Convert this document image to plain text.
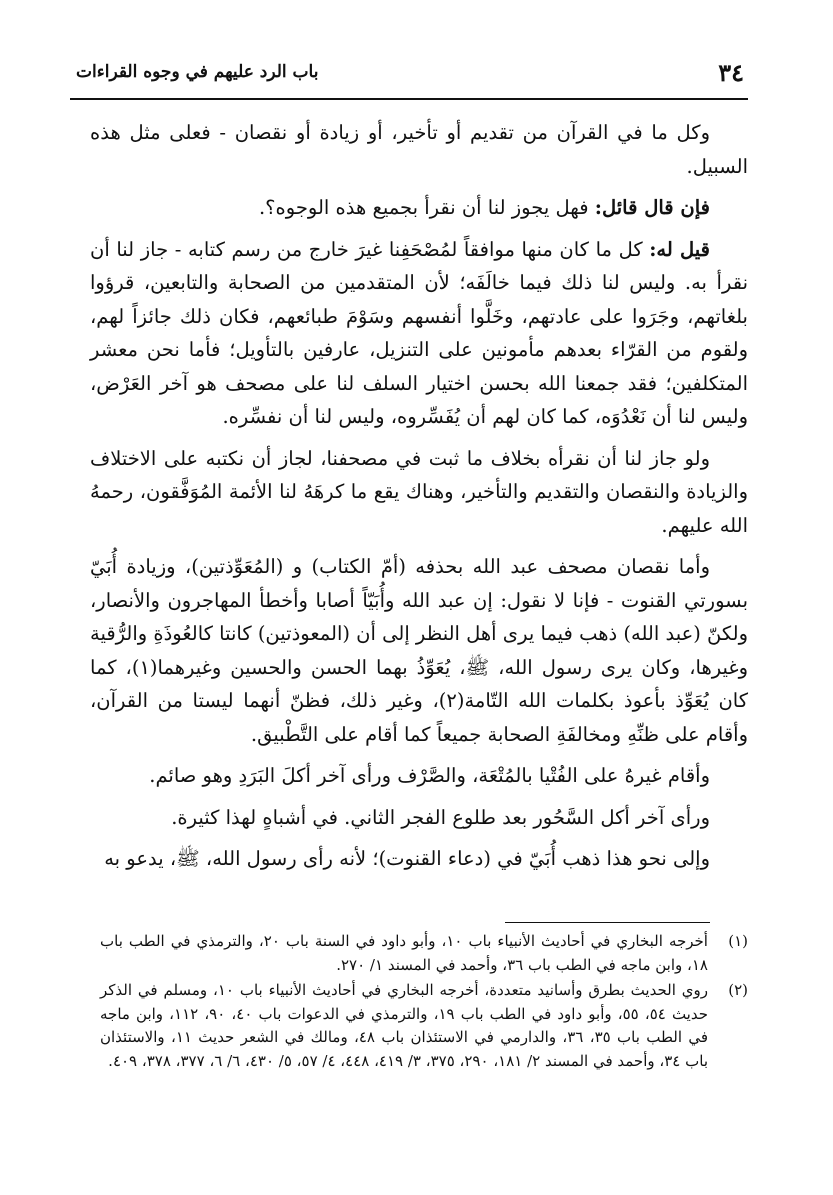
٣٤
باب الرد عليهم في وجوه القراءات

وكل ما في القرآن من تقديم أو تأخير، أو زيادة أو نقصان - فعلى مثل هذه السبيل.

فإن قال قائل: فهل يجوز لنا أن نقرأ بجميع هذه الوجوه؟.

قيل له: كل ما كان منها موافقاً لمُصْحَفِنا غيرَ خارج من رسم كتابه - جاز لنا أن نقرأ به. وليس لنا ذلك فيما خالَفَه؛ لأن المتقدمين من الصحابة والتابعين، قرؤوا بلغاتهم، وجَرَوا على عادتهم، وخَلَّوا أنفسهم وسَوْمَ طبائعهم، فكان ذلك جائزاً لهم، ولقوم من القرّاء بعدهم مأمونين على التنزيل، عارفين بالتأويل؛ فأما نحن معشر المتكلفين؛ فقد جمعنا الله بحسن اختيار السلف لنا على مصحف هو آخر العَرْض، وليس لنا أن نَعْدُوَه، كما كان لهم أن يُفَسِّروه، وليس لنا أن نفسِّره.

ولو جاز لنا أن نقرأه بخلاف ما ثبت في مصحفنا، لجاز أن نكتبه على الاختلاف والزيادة والنقصان والتقديم والتأخير، وهناك يقع ما كرهَهُ لنا الأئمة المُوَفَّقون، رحمهُ الله عليهم.

وأما نقصان مصحف عبد الله بحذفه (أمّ الكتاب) و (المُعَوِّذتين)، وزيادة أُبَيّ بسورتي القنوت - فإنا لا نقول: إن عبد الله وأُبَيّاً أصابا وأخطأ المهاجرون والأنصار، ولكنّ (عبد الله) ذهب فيما يرى أهل النظر إلى أن (المعوذتين) كانتا كالعُوذَةِ والرُّقية وغيرها، وكان يرى رسول الله، ﷺ، يُعَوِّذُ بهما الحسن والحسين وغيرهما(١)، كما كان يُعَوِّذ بأعوذ بكلمات الله التّامة(٢)، وغير ذلك، فظنّ أنهما ليستا من القرآن، وأقام على ظنِّهِ ومخالفَةِ الصحابة جميعاً كما أقام على التَّطْبيق.

وأقام غيرهُ على الفُتْيا بالمُتْعَة، والصَّرْف ورأى آخر أكلَ البَرَدِ وهو صائم.

ورأى آخر أكل السَّحُور بعد طلوع الفجر الثاني. في أشباهٍ لهذا كثيرة.

وإلى نحو هذا ذهب أُبَيّ في (دعاء القنوت)؛ لأنه رأى رسول الله، ﷺ، يدعو به

(١)
أخرجه البخاري في أحاديث الأنبياء باب ١٠، وأبو داود في السنة باب ٢٠، والترمذي في الطب باب ١٨، وابن ماجه في الطب باب ٣٦، وأحمد في المسند ١/ ٢٧٠.
(٢)
روي الحديث بطرق وأسانيد متعددة، أخرجه البخاري في أحاديث الأنبياء باب ١٠، ومسلم في الذكر حديث ٥٤، ٥٥، وأبو داود في الطب باب ١٩، والترمذي في الدعوات باب ٤٠، ٩٠، ١١٢، وابن ماجه في الطب باب ٣٥، ٣٦، والدارمي في الاستئذان باب ٤٨، ومالك في الشعر حديث ١١، والاستئذان باب ٣٤، وأحمد في المسند ٢/ ١٨١، ٢٩٠، ٣٧٥، ٣/ ٤١٩، ٤٤٨، ٤/ ٥٧، ٥/ ٤٣٠، ٦/ ٦، ٣٧٧، ٣٧٨، ٤٠٩.
